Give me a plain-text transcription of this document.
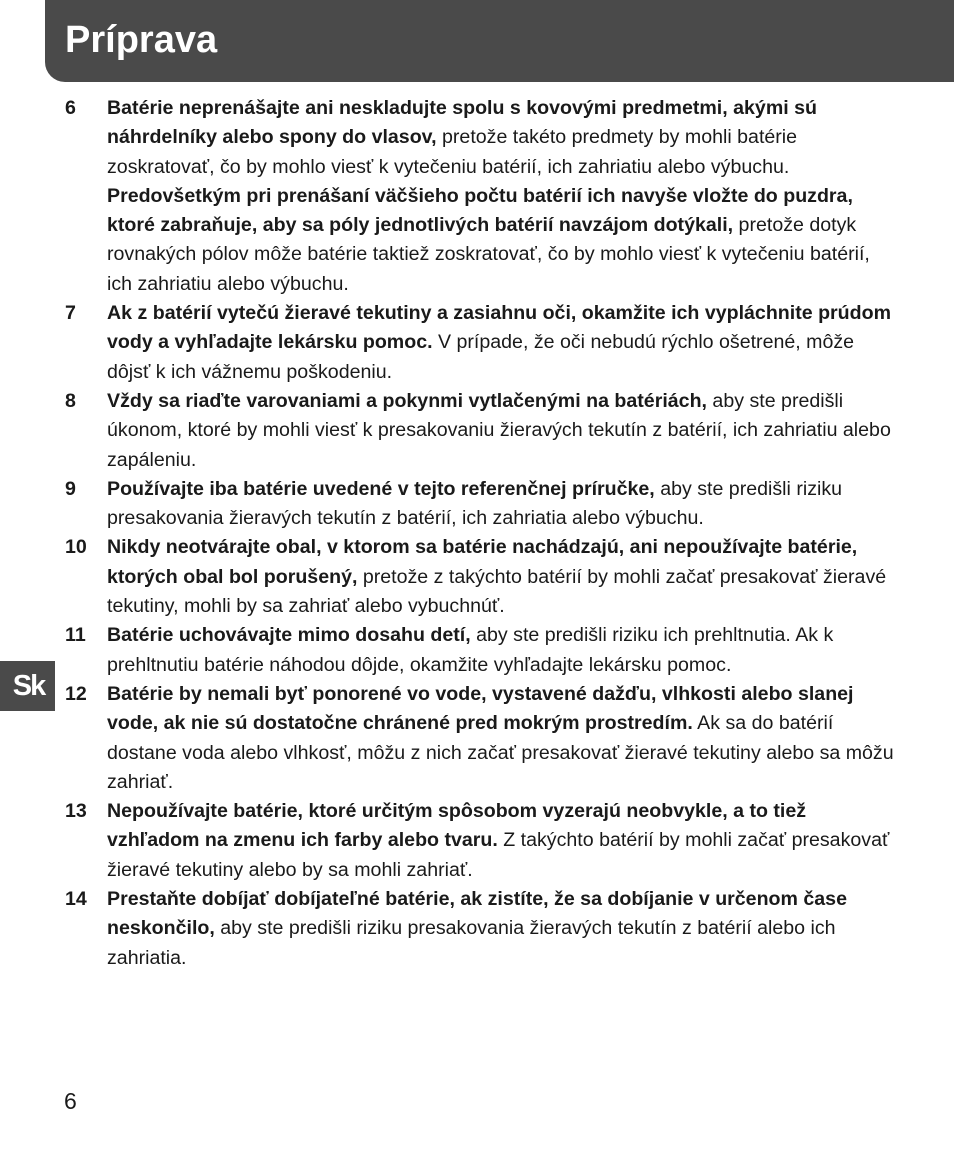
Príprava
Sk
6 Batérie neprenášajte ani neskladujte spolu s kovovými predmetmi, akými sú náhrdelníky alebo spony do vlasov, pretože takéto predmety by mohli batérie zoskratovať, čo by mohlo viesť k vytečeniu batérií, ich zahriatiu alebo výbuchu. Predovšetkým pri prenášaní väčšieho počtu batérií ich navyše vložte do puzdra, ktoré zabraňuje, aby sa póly jednotlivých batérií navzájom dotýkali, pretože dotyk rovnakých pólov môže batérie taktiež zoskratovať, čo by mohlo viesť k vytečeniu batérií, ich zahriatiu alebo výbuchu.
7 Ak z batérií vytečú žieravé tekutiny a zasiahnu oči, okamžite ich vypláchnite prúdom vody a vyhľadajte lekársku pomoc. V prípade, že oči nebudú rýchlo ošetrené, môže dôjsť k ich vážnemu poškodeniu.
8 Vždy sa riaďte varovaniami a pokynmi vytlačenými na batériách, aby ste predišli úkonom, ktoré by mohli viesť k presakovaniu žieravých tekutín z batérií, ich zahriatiu alebo zapáleniu.
9 Používajte iba batérie uvedené v tejto referenčnej príručke, aby ste predišli riziku presakovania žieravých tekutín z batérií, ich zahriatia alebo výbuchu.
10 Nikdy neotvárajte obal, v ktorom sa batérie nachádzajú, ani nepoužívajte batérie, ktorých obal bol porušený, pretože z takýchto batérií by mohli začať presakovať žieravé tekutiny, mohli by sa zahriať alebo vybuchnúť.
11 Batérie uchovávajte mimo dosahu detí, aby ste predišli riziku ich prehltnutia. Ak k prehltnutiu batérie náhodou dôjde, okamžite vyhľadajte lekársku pomoc.
12 Batérie by nemali byť ponorené vo vode, vystavené dažďu, vlhkosti alebo slanej vode, ak nie sú dostatočne chránené pred mokrým prostredím. Ak sa do batérií dostane voda alebo vlhkosť, môžu z nich začať presakovať žieravé tekutiny alebo sa môžu zahriať.
13 Nepoužívajte batérie, ktoré určitým spôsobom vyzerajú neobvykle, a to tiež vzhľadom na zmenu ich farby alebo tvaru. Z takýchto batérií by mohli začať presakovať žieravé tekutiny alebo by sa mohli zahriať.
14 Prestaňte dobíjať dobíjateľné batérie, ak zistíte, že sa dobíjanie v určenom čase neskončilo, aby ste predišli riziku presakovania žieravých tekutín z batérií alebo ich zahriatia.
6
